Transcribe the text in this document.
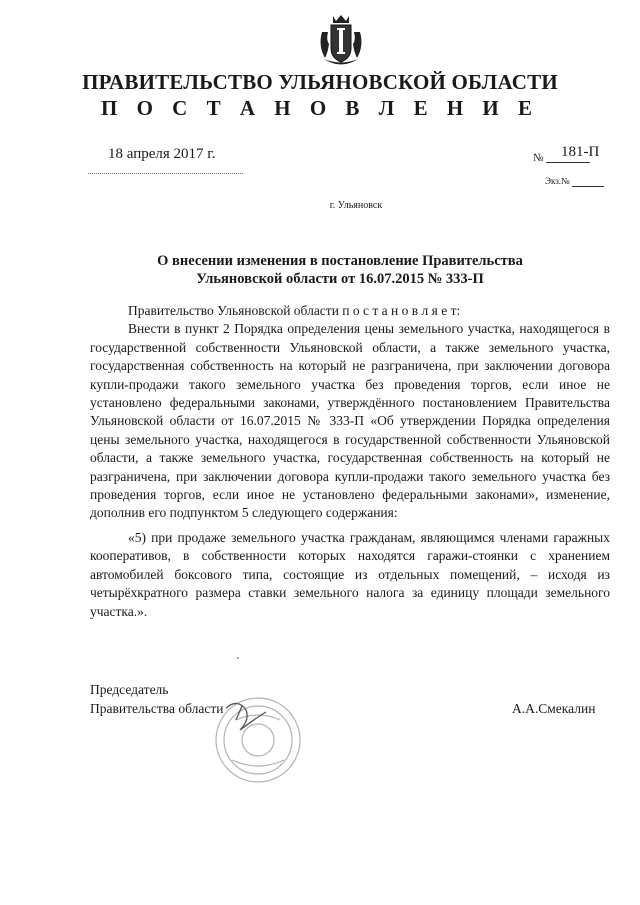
ПРАВИТЕЛЬСТВО УЛЬЯНОВСКОЙ ОБЛАСТИ
П О С Т А Н О В Л Е Н И Е
18 апреля 2017 г.	№ 181-П
Экз.№
г. Ульяновск
О внесении изменения в постановление Правительства Ульяновской области от 16.07.2015 № 333-П

Правительство Ульяновской области п о с т а н о в л я е т:

Внести в пункт 2 Порядка определения цены земельного участка, находящегося в государственной собственности Ульяновской области, а также земельного участка, государственная собственность на который не разграничена, при заключении договора купли-продажи такого земельного участка без проведения торгов, если иное не установлено федеральными законами, утверждённого постановлением Правительства Ульяновской области от 16.07.2015 № 333-П «Об утверждении Порядка определения цены земельного участка, находящегося в государственной собственности Ульяновской области, а также земельного участка, государственная собственность на который не разграничена, при заключении договора купли-продажи такого земельного участка без проведения торгов, если иное не установлено федеральными законами», изменение, дополнив его подпунктом 5 следующего содержания:

«5) при продаже земельного участка гражданам, являющимся членами гаражных кооперативов, в собственности которых находятся гаражи-стоянки с хранением автомобилей боксового типа, состоящие из отдельных помещений, – исходя из четырёхкратного размера ставки земельного налога за единицу площади земельного участка.».

Председатель
Правительства области	А.А.Смекалин
